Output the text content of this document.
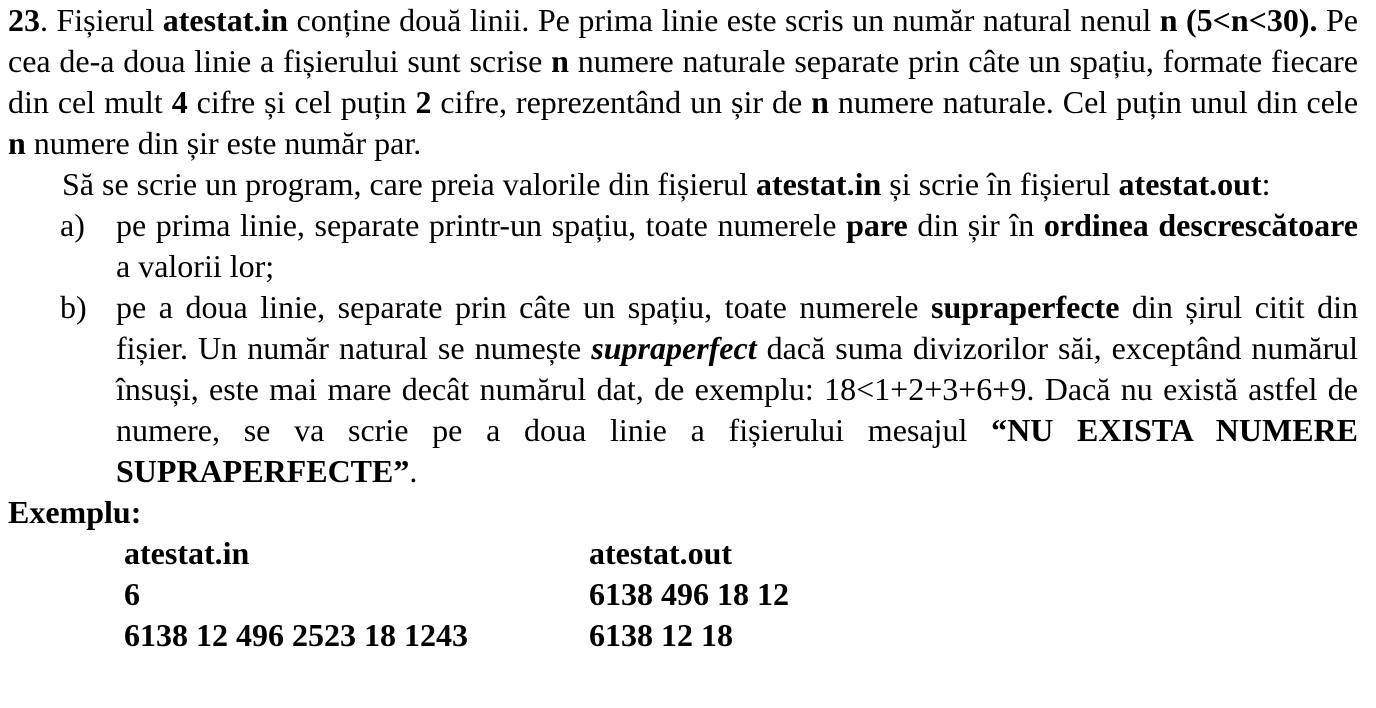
23. Fișierul atestat.in conține două linii. Pe prima linie este scris un număr natural nenul n (5<n<30). Pe cea de-a doua linie a fișierului sunt scrise n numere naturale separate prin câte un spațiu, formate fiecare din cel mult 4 cifre și cel puțin 2 cifre, reprezentând un șir de n numere naturale. Cel puțin unul din cele n numere din șir este număr par.

Să se scrie un program, care preia valorile din fișierul atestat.in și scrie în fișierul atestat.out:

a) pe prima linie, separate printr-un spațiu, toate numerele pare din șir în ordinea descrescătoare a valorii lor;
b) pe a doua linie, separate prin câte un spațiu, toate numerele supraperfecte din șirul citit din fișier. Un număr natural se numește supraperfect dacă suma divizorilor săi, exceptând numărul însuși, este mai mare decât numărul dat, de exemplu: 18<1+2+3+6+9. Dacă nu există astfel de numere, se va scrie pe a doua linie a fișierului mesajul “NU EXISTA NUMERE SUPRAPERFECTE”.

Exemplu:

atestat.in
6
6138 12 496 2523 18 1243
atestat.out
6138 496 18 12
6138 12 18
